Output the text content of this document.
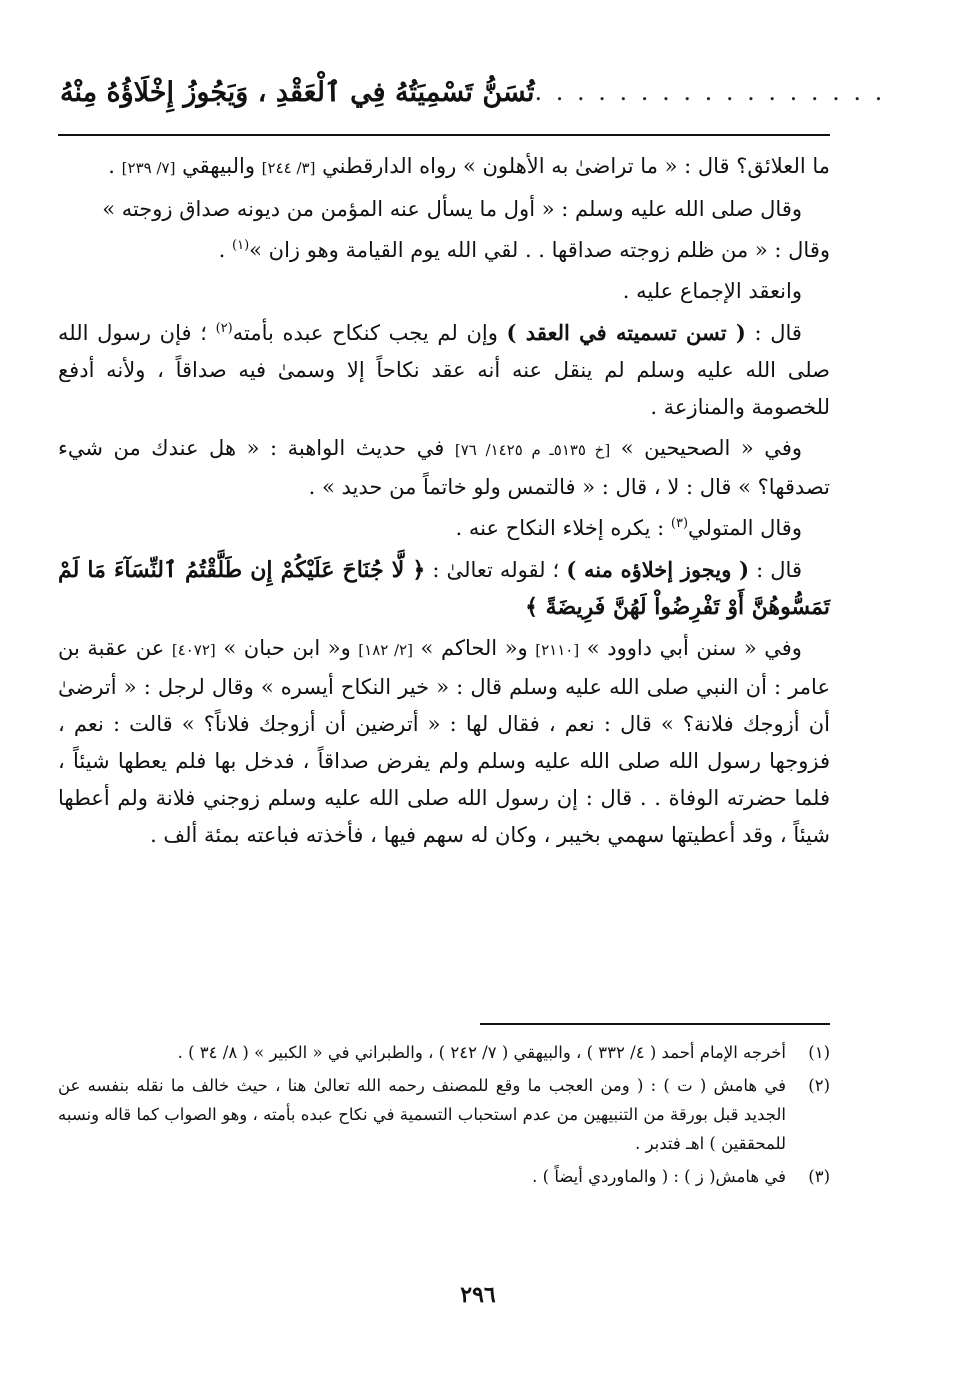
تُسَنُّ تَسْمِيَتُهُ فِي ٱلْعَقْدِ ، وَيَجُوزُ إِخْلَاؤُهُ مِنْهُ . . . . . . . . . . . . . . . . .

ما العلائق؟ قال : « ما تراضىٰ به الأهلون » رواه الدارقطني [٣/ ٢٤٤] والبيهقي [٧/ ٢٣٩] .

وقال صلى الله عليه وسلم : « أول ما يسأل عنه المؤمن من ديونه صداق زوجته »

وقال : « من ظلم زوجته صداقها . . لقي الله يوم القيامة وهو زان »$^{(١)}$ .

وانعقد الإجماع عليه .

قال : ( تسن تسميته في العقد ) وإن لم يجب كنكاح عبده بأمته$^{(٢)}$ ؛ فإن رسول الله صلى الله عليه وسلم لم ينقل عنه أنه عقد نكاحاً إلا وسمىٰ فيه صداقاً ، ولأنه أدفع للخصومة والمنازعة .

وفي « الصحيحين » [خ ٥١٣٥ـ م ١٤٢٥/ ٧٦] في حديث الواهبة : « هل عندك من شيء تصدقها؟ » قال : لا ، قال : « فالتمس ولو خاتماً من حديد » .

وقال المتولي$^{(٣)}$ : يكره إخلاء النكاح عنه .

قال : ( ويجوز إخلاؤه منه ) ؛ لقوله تعالىٰ : ﴿ لَّا جُنَاحَ عَلَيْكُمْ إِن طَلَّقْتُمُ ٱلنِّسَآءَ مَا لَمْ تَمَسُّوهُنَّ أَوْ تَفْرِضُواْ لَهُنَّ فَرِيضَةً ﴾

وفي « سنن أبي داوود » [٢١١٠] و« الحاكم » [٢/ ١٨٢] و« ابن حبان » [٤٠٧٢] عن عقبة بن عامر : أن النبي صلى الله عليه وسلم قال : « خير النكاح أيسره » وقال لرجل : « أترضىٰ أن أزوجك فلانة؟ » قال : نعم ، فقال لها : « أترضين أن أزوجك فلاناً؟ » قالت : نعم ، فزوجها رسول الله صلى الله عليه وسلم ولم يفرض صداقاً ، فدخل بها فلم يعطها شيئاً ، فلما حضرته الوفاة . . قال : إن رسول الله صلى الله عليه وسلم زوجني فلانة ولم أعطها شيئاً ، وقد أعطيتها سهمي بخيبر ، وكان له سهم فيها ، فأخذته فباعته بمئة ألف .

(١)
أخرجه الإمام أحمد ( ٤/ ٣٣٢ ) ، والبيهقي ( ٧/ ٢٤٢ ) ، والطبراني في « الكبير » ( ٨/ ٣٤ ) .
(٢)
في هامش ( ت ) : ( ومن العجب ما وقع للمصنف رحمه الله تعالىٰ هنا ، حيث خالف ما نقله بنفسه عن الجديد قبل بورقة من التنبيهين من عدم استحباب التسمية في نكاح عبده بأمته ، وهو الصواب كما قاله ونسبه للمحققين ) اهـ فتدبر .
(٣)
في هامش( ز ) : ( والماوردي أيضاً ) .
٢٩٦
